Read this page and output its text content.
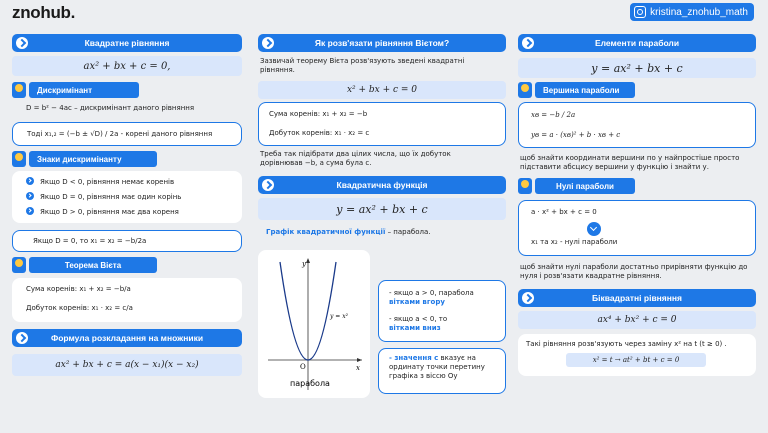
znohub.	kristina_znohub_math
Квадратне рівняння
ax² + bx + c = 0,
Дискримінант
D = b² − 4ac – дискримінант даного рівняння
Тоді x₁,₂ = (−b ± √D) / 2a - корені даного рівняння
Знаки дискримінанту
Якщо D < 0, рівняння немає коренів
Якщо D = 0, рівняння має один корінь
Якщо D > 0, рівняння має два кореня
Якщо D = 0, то x₁ = x₂ = −b/2a
Теорема Вієта
Сума коренів: x₁ + x₂ = −b/a
Добуток коренів: x₁ · x₂ = c/a
Формула розкладання на множники
ax² + bx + c = a(x − x₁)(x − x₂)
Як розв'язати рівняння Вієтом?
Зазвичай теорему Вієта розв'язують зведені квадратні рівняння.
x² + bx + c = 0
Сума коренів: x₁ + x₂ = −b
Добуток коренів: x₁ · x₂ = c
Треба так підібрати два цілих числа, що їх добуток дорівнював −b, а сума була c.
Квадратична функція
y = ax² + bx + c
Графік квадратичної функції – парабола.
y
x
O
y = x²
парабола
- якщо a > 0, парабола
вітками вгору
- якщо a < 0, то
вітками вниз
- значення c вказує на ординату точки перетину графіка з віссю Oy
Елементи параболи
y = ax² + bx + c
Вершина параболи
xв = −b / 2a
yв = a · (xв)² + b · xв + c
щоб знайти координати вершини по у найпростіше просто підставити абсцису вершини у функцію і знайти у.
Нулі параболи
a · x² + bx + c = 0
x₁ та x₂ - нулі параболи
щоб знайти нулі параболи достатньо прирівняти функцію до нуля і розв'язати квадратне рівняння.
Біквадратні рівняння
ax⁴ + bx² + c = 0
Такі рівняння розв'язують через заміну x² на t (t ≥ 0) .
x² = t → at² + bt + c = 0
